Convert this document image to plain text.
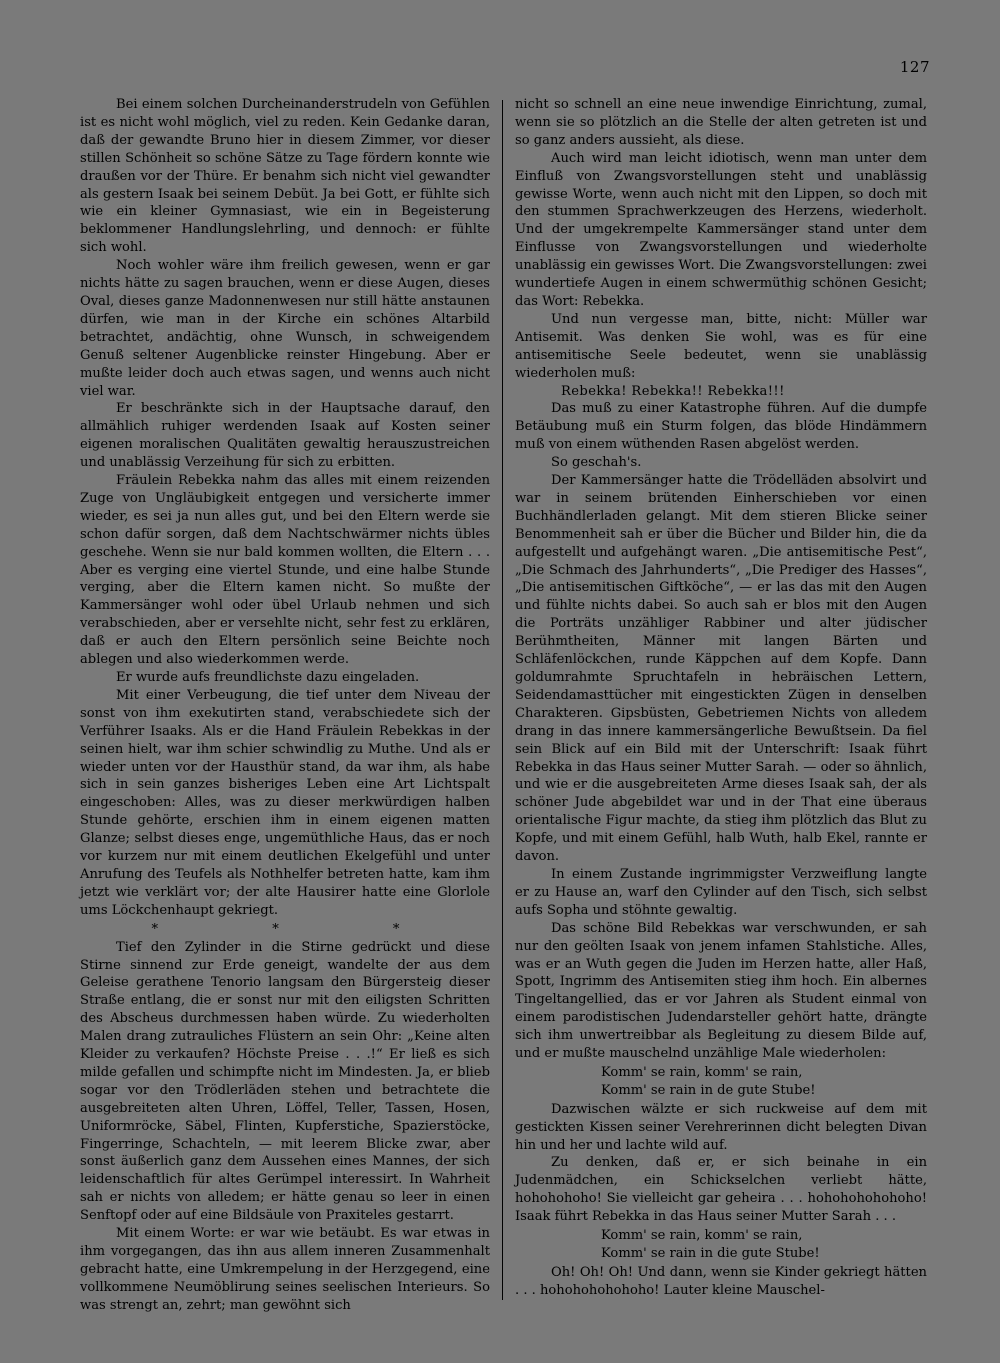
127

Bei einem solchen Durcheinanderstrudeln von Gefühlen ist es nicht wohl möglich, viel zu reden. Kein Gedanke daran, daß der gewandte Bruno hier in diesem Zimmer, vor dieser stillen Schönheit so schöne Sätze zu Tage fördern konnte wie draußen vor der Thüre. Er benahm sich nicht viel gewandter als gestern Isaak bei seinem Debüt. Ja bei Gott, er fühlte sich wie ein kleiner Gymnasiast, wie ein in Begeisterung beklommener Handlungslehrling, und dennoch: er fühlte sich wohl.

Noch wohler wäre ihm freilich gewesen, wenn er gar nichts hätte zu sagen brauchen, wenn er diese Augen, dieses Oval, dieses ganze Madonnenwesen nur still hätte anstaunen dürfen, wie man in der Kirche ein schönes Altarbild betrachtet, andächtig, ohne Wunsch, in schweigendem Genuß seltener Augenblicke reinster Hingebung. Aber er mußte leider doch auch etwas sagen, und wenns auch nicht viel war.

Er beschränkte sich in der Hauptsache darauf, den allmählich ruhiger werdenden Isaak auf Kosten seiner eigenen moralischen Qualitäten gewaltig herauszustreichen und unablässig Verzeihung für sich zu erbitten.

Fräulein Rebekka nahm das alles mit einem reizenden Zuge von Ungläubigkeit entgegen und versicherte immer wieder, es sei ja nun alles gut, und bei den Eltern werde sie schon dafür sorgen, daß dem Nachtschwärmer nichts übles geschehe. Wenn sie nur bald kommen wollten, die Eltern . . . Aber es verging eine viertel Stunde, und eine halbe Stunde verging, aber die Eltern kamen nicht. So mußte der Kammersänger wohl oder übel Urlaub nehmen und sich verabschieden, aber er versehlte nicht, sehr fest zu erklären, daß er auch den Eltern persönlich seine Beichte noch ablegen und also wiederkommen werde.

Er wurde aufs freundlichste dazu eingeladen.

Mit einer Verbeugung, die tief unter dem Niveau der sonst von ihm exekutirten stand, verabschiedete sich der Verführer Isaaks. Als er die Hand Fräulein Rebekkas in der seinen hielt, war ihm schier schwindlig zu Muthe. Und als er wieder unten vor der Hausthür stand, da war ihm, als habe sich in sein ganzes bisheriges Leben eine Art Lichtspalt eingeschoben: Alles, was zu dieser merkwürdigen halben Stunde gehörte, erschien ihm in einem eigenen matten Glanze; selbst dieses enge, ungemüthliche Haus, das er noch vor kurzem nur mit einem deutlichen Ekelgefühl und unter Anrufung des Teufels als Nothhelfer betreten hatte, kam ihm jetzt wie verklärt vor; der alte Hausirer hatte eine Glorlole ums Löckchenhaupt gekriegt.

* * *

Tief den Zylinder in die Stirne gedrückt und diese Stirne sinnend zur Erde geneigt, wandelte der aus dem Geleise gerathene Tenorio langsam den Bürgersteig dieser Straße entlang, die er sonst nur mit den eiligsten Schritten des Abscheus durchmessen haben würde. Zu wiederholten Malen drang zutrauliches Flüstern an sein Ohr: „Keine alten Kleider zu verkaufen? Höchste Preise . . .!“ Er ließ es sich milde gefallen und schimpfte nicht im Mindesten. Ja, er blieb sogar vor den Trödlerläden stehen und betrachtete die ausgebreiteten alten Uhren, Löffel, Teller, Tassen, Hosen, Uniformröcke, Säbel, Flinten, Kupferstiche, Spazierstöcke, Fingerringe, Schachteln, — mit leerem Blicke zwar, aber sonst äußerlich ganz dem Aussehen eines Mannes, der sich leidenschaftlich für altes Gerümpel interessirt. In Wahrheit sah er nichts von alledem; er hätte genau so leer in einen Senftopf oder auf eine Bildsäule von Praxiteles gestarrt.

Mit einem Worte: er war wie betäubt. Es war etwas in ihm vorgegangen, das ihn aus allem inneren Zusammenhalt gebracht hatte, eine Umkrempelung in der Herzgegend, eine vollkommene Neumöblirung seines seelischen Interieurs. So was strengt an, zehrt; man gewöhnt sich

nicht so schnell an eine neue inwendige Einrichtung, zumal, wenn sie so plötzlich an die Stelle der alten getreten ist und so ganz anders aussieht, als diese.

Auch wird man leicht idiotisch, wenn man unter dem Einfluß von Zwangsvorstellungen steht und unablässig gewisse Worte, wenn auch nicht mit den Lippen, so doch mit den stummen Sprachwerkzeugen des Herzens, wiederholt. Und der umgekrempelte Kammersänger stand unter dem Einflusse von Zwangsvorstellungen und wiederholte unablässig ein gewisses Wort. Die Zwangsvorstellungen: zwei wundertiefe Augen in einem schwermüthig schönen Gesicht; das Wort: Rebekka.

Und nun vergesse man, bitte, nicht: Müller war Antisemit. Was denken Sie wohl, was es für eine antisemitische Seele bedeutet, wenn sie unablässig wiederholen muß:

Rebekka! Rebekka!! Rebekka!!!

Das muß zu einer Katastrophe führen. Auf die dumpfe Betäubung muß ein Sturm folgen, das blöde Hindämmern muß von einem wüthenden Rasen abgelöst werden.

So geschah's.

Der Kammersänger hatte die Trödelläden absolvirt und war in seinem brütenden Einherschieben vor einen Buchhändlerladen gelangt. Mit dem stieren Blicke seiner Benommenheit sah er über die Bücher und Bilder hin, die da aufgestellt und aufgehängt waren. „Die antisemitische Pest“, „Die Schmach des Jahrhunderts“, „Die Prediger des Hasses“, „Die antisemitischen Giftköche“, — er las das mit den Augen und fühlte nichts dabei. So auch sah er blos mit den Augen die Porträts unzähliger Rabbiner und alter jüdischer Berühmtheiten, Männer mit langen Bärten und Schläfenlöckchen, runde Käppchen auf dem Kopfe. Dann goldumrahmte Spruchtafeln in hebräischen Lettern, Seidendamasttücher mit eingestickten Zügen in denselben Charakteren. Gipsbüsten, Gebetriemen Nichts von alledem drang in das innere kammersängerliche Bewußtsein. Da fiel sein Blick auf ein Bild mit der Unterschrift: Isaak führt Rebekka in das Haus seiner Mutter Sarah. — oder so ähnlich, und wie er die ausgebreiteten Arme dieses Isaak sah, der als schöner Jude abgebildet war und in der That eine überaus orientalische Figur machte, da stieg ihm plötzlich das Blut zu Kopfe, und mit einem Gefühl, halb Wuth, halb Ekel, rannte er davon.

In einem Zustande ingrimmigster Verzweiflung langte er zu Hause an, warf den Cylinder auf den Tisch, sich selbst aufs Sopha und stöhnte gewaltig.

Das schöne Bild Rebekkas war verschwunden, er sah nur den geölten Isaak von jenem infamen Stahlstiche. Alles, was er an Wuth gegen die Juden im Herzen hatte, aller Haß, Spott, Ingrimm des Antisemiten stieg ihm hoch. Ein albernes Tingeltangellied, das er vor Jahren als Student einmal von einem parodistischen Judendarsteller gehört hatte, drängte sich ihm unwertreibbar als Begleitung zu diesem Bilde auf, und er mußte mauschelnd unzählige Male wiederholen:

Komm' se rain, komm' se rain,
Komm' se rain in de gute Stube!

Dazwischen wälzte er sich ruckweise auf dem mit gestickten Kissen seiner Verehrerinnen dicht belegten Divan hin und her und lachte wild auf.

Zu denken, daß er, er sich beinahe in ein Judenmädchen, ein Schickselchen verliebt hätte, hohohohoho! Sie vielleicht gar geheira . . . hohohohohohoho! Isaak führt Rebekka in das Haus seiner Mutter Sarah . . .

Komm' se rain, komm' se rain,
Komm' se rain in die gute Stube!

Oh! Oh! Oh! Und dann, wenn sie Kinder gekriegt hätten . . . hohohohohohoho! Lauter kleine Mauschel-
